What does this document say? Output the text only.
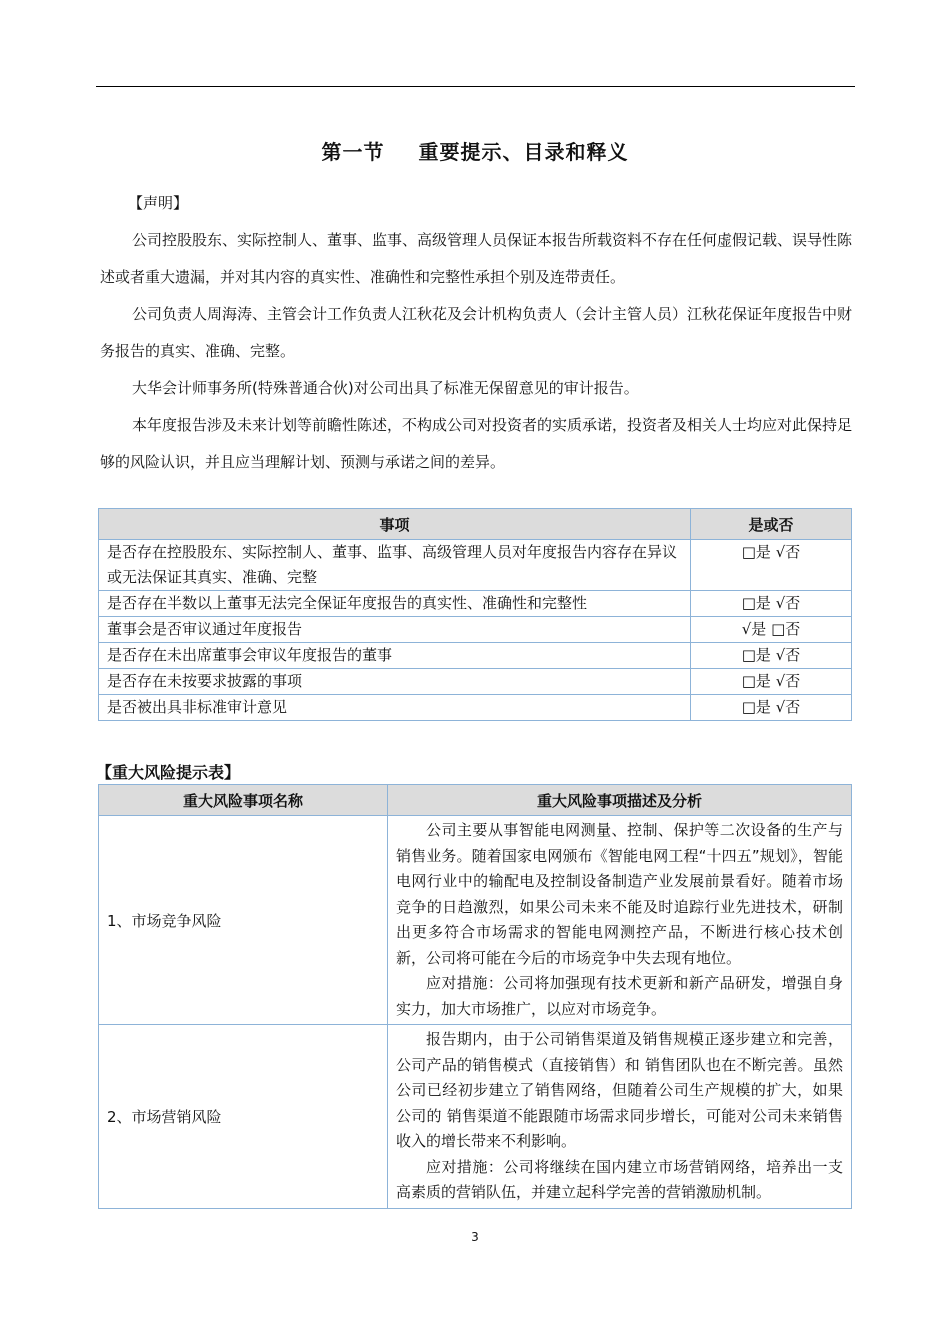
第一节 重要提示、目录和释义
【声明】
公司控股股东、实际控制人、董事、监事、高级管理人员保证本报告所载资料不存在任何虚假记载、误导性陈述或者重大遗漏，并对其内容的真实性、准确性和完整性承担个别及连带责任。
公司负责人周海涛、主管会计工作负责人江秋花及会计机构负责人（会计主管人员）江秋花保证年度报告中财务报告的真实、准确、完整。
大华会计师事务所(特殊普通合伙)对公司出具了标准无保留意见的审计报告。
本年度报告涉及未来计划等前瞻性陈述，不构成公司对投资者的实质承诺，投资者及相关人士均应对此保持足够的风险认识，并且应当理解计划、预测与承诺之间的差异。
事项	是或否
是否存在控股股东、实际控制人、董事、监事、高级管理人员对年度报告内容存在异议或无法保证其真实、准确、完整	□是 √否
是否存在半数以上董事无法完全保证年度报告的真实性、准确性和完整性	□是 √否
董事会是否审议通过年度报告	√是 □否
是否存在未出席董事会审议年度报告的董事	□是 √否
是否存在未按要求披露的事项	□是 √否
是否被出具非标准审计意见	□是 √否
【重大风险提示表】
重大风险事项名称	重大风险事项描述及分析
1、市场竞争风险	公司主要从事智能电网测量、控制、保护等二次设备的生产与销售业务。随着国家电网颁布《智能电网工程“十四五”规划》，智能电网行业中的输配电及控制设备制造产业发展前景看好。随着市场竞争的日趋激烈，如果公司未来不能及时追踪行业先进技术，研制出更多符合市场需求的智能电网测控产品，不断进行核心技术创新，公司将可能在今后的市场竞争中失去现有地位。

应对措施：公司将加强现有技术更新和新产品研发，增强自身实力，加大市场推广，以应对市场竞争。

2、市场营销风险	报告期内，由于公司销售渠道及销售规模正逐步建立和完善，公司产品的销售模式（直接销售）和 销售团队也在不断完善。虽然公司已经初步建立了销售网络，但随着公司生产规模的扩大，如果公司的 销售渠道不能跟随市场需求同步增长，可能对公司未来销售收入的增长带来不利影响。

应对措施：公司将继续在国内建立市场营销网络，培养出一支高素质的营销队伍，并建立起科学完善的营销激励机制。

3
